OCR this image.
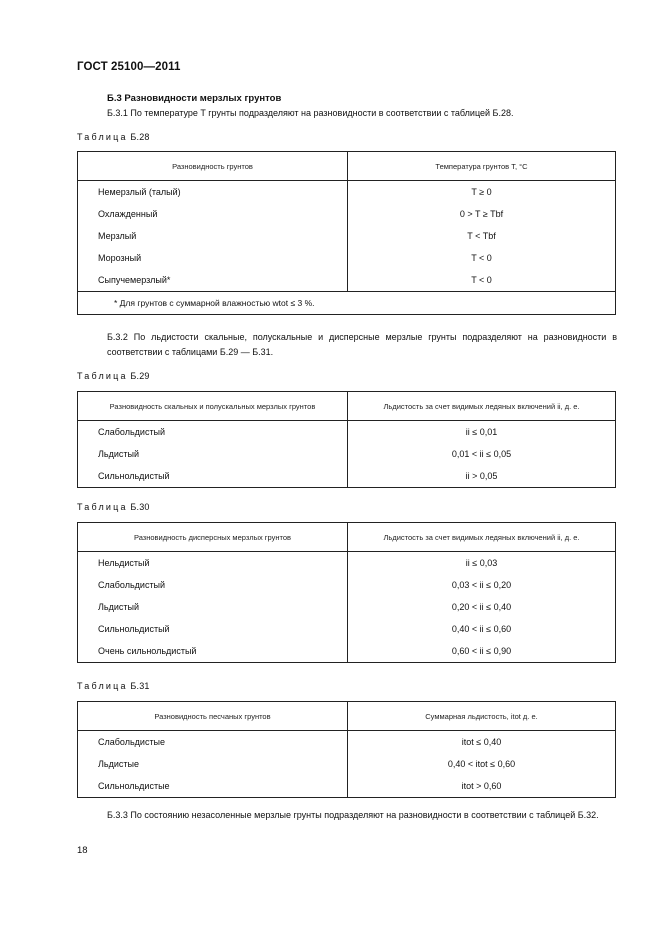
ГОСТ 25100—2011
Б.3 Разновидности мерзлых грунтов
Б.3.1 По температуре T грунты подразделяют на разновидности в соответствии с таблицей Б.28.
Таблица Б.28
Разновидность грунтов	Температура грунтов T, °С
Немерзлый (талый)	T ≥ 0
Охлажденный	0 > T ≥ Tbf
Мерзлый	T < Tbf
Морозный	T < 0
Сыпучемерзлый*	T < 0
* Для грунтов с суммарной влажностью wtot ≤ 3 %.	
Б.3.2 По льдистости скальные, полускальные и дисперсные мерзлые грунты подразделяют на разновидности в соответствии с таблицами Б.29 — Б.31.
Таблица Б.29
Разновидность скальных и полускальных мерзлых грунтов	Льдистость за счет видимых ледяных включений ii, д. е.
Слабольдистый	ii ≤ 0,01
Льдистый	0,01 < ii ≤ 0,05
Сильнольдистый	ii > 0,05
Таблица Б.30
Разновидность дисперсных мерзлых грунтов	Льдистость за счет видимых ледяных включений ii, д. е.
Нельдистый	ii ≤ 0,03
Слабольдистый	0,03 < ii ≤ 0,20
Льдистый	0,20 < ii ≤ 0,40
Сильнольдистый	0,40 < ii ≤ 0,60
Очень сильнольдистый	0,60 < ii ≤ 0,90
Таблица Б.31
Разновидность песчаных грунтов	Суммарная льдистость, itot д. е.
Слабольдистые	itot ≤ 0,40
Льдистые	0,40 < itot ≤ 0,60
Сильнольдистые	itot > 0,60
Б.3.3 По состоянию незасоленные мерзлые грунты подразделяют на разновидности в соответствии с таблицей Б.32.
18
